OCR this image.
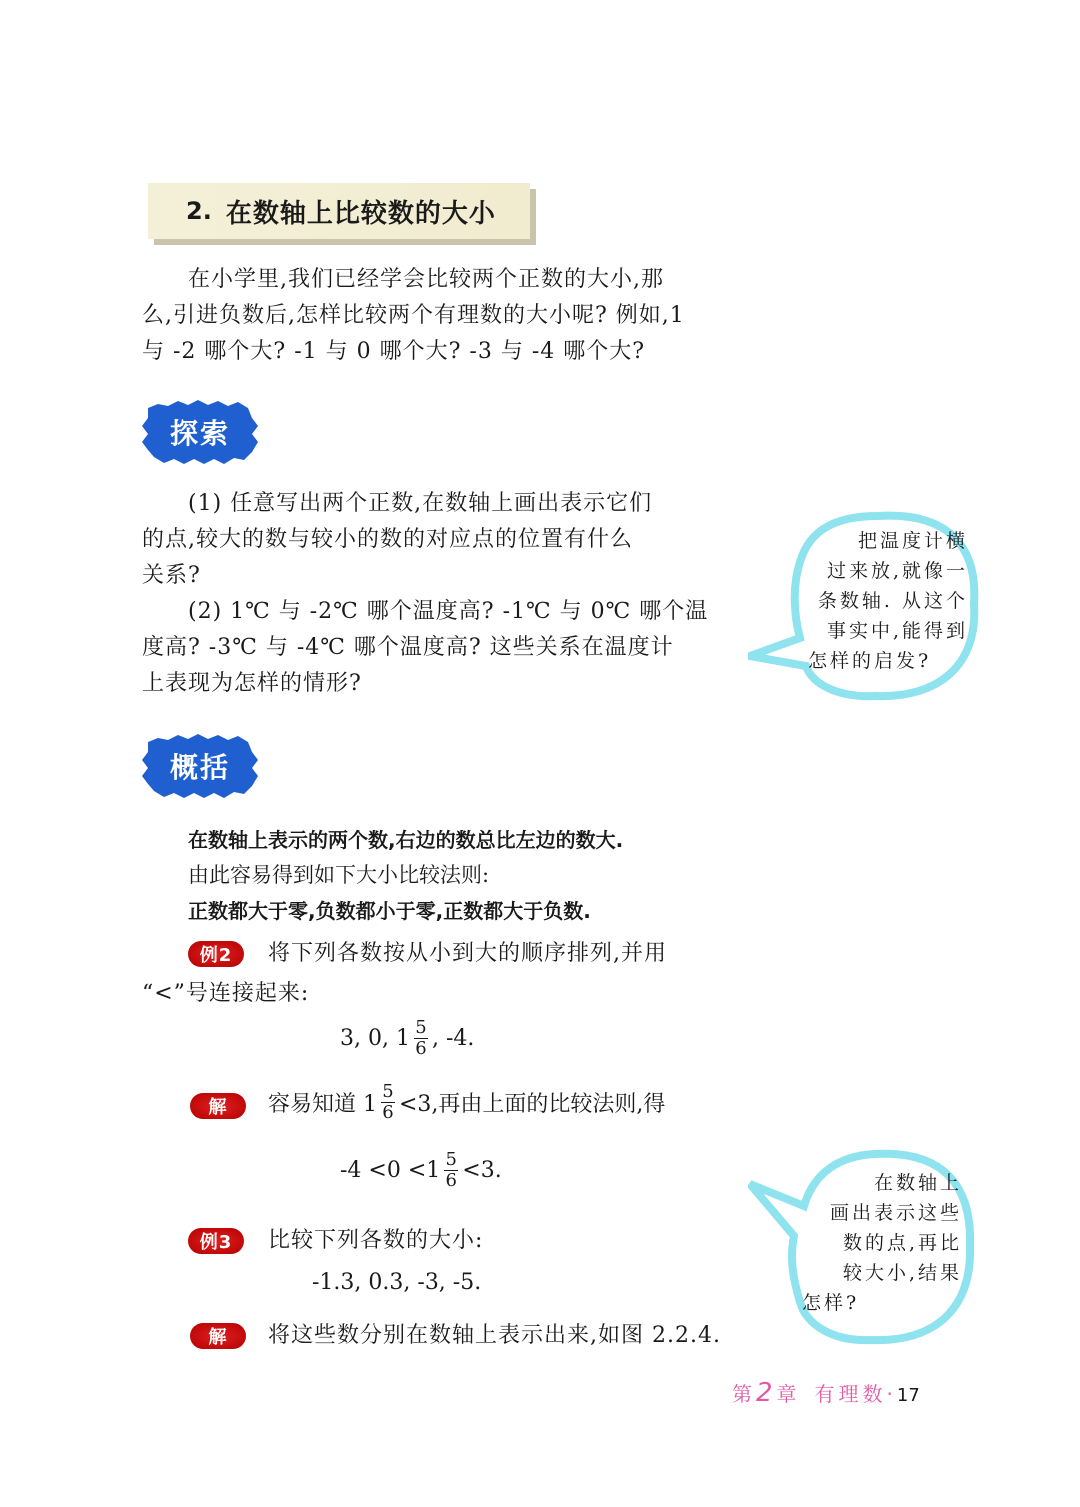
2. 在数轴上比较数的大小
在小学里,我们已经学会比较两个正数的大小,那
么,引进负数后,怎样比较两个有理数的大小呢? 例如,1
与 -2 哪个大? -1 与 0 哪个大? -3 与 -4 哪个大?
探索
(1) 任意写出两个正数,在数轴上画出表示它们
的点,较大的数与较小的数的对应点的位置有什么
关系?
(2) 1℃ 与 -2℃ 哪个温度高? -1℃ 与 0℃ 哪个温
度高? -3℃ 与 -4℃ 哪个温度高? 这些关系在温度计
上表现为怎样的情形?
把温度计横
过来放,就像一
条数轴. 从这个
事实中,能得到
怎样的启发?
概括
在数轴上表示的两个数,右边的数总比左边的数大.
由此容易得到如下大小比较法则:
正数都大于零,负数都小于零,正数都大于负数.
例2	将下列各数按从小到大的顺序排列,并用
“<”号连接起来:
3, 0, $1 \frac{5}{6}$ , -4.
解	容易知道 $1 \frac{5}{6} <3$,再由上面的比较法则,得
$-4 <0 <1 \frac{5}{6} <3$.
例3	比较下列各数的大小:
-1.3, 0.3, -3, -5.
解	将这些数分别在数轴上表示出来,如图 2.2.4.
在数轴上
画出表示这些
数的点,再比
较大小,结果
怎样?
第 2 章 有理数 · 17
